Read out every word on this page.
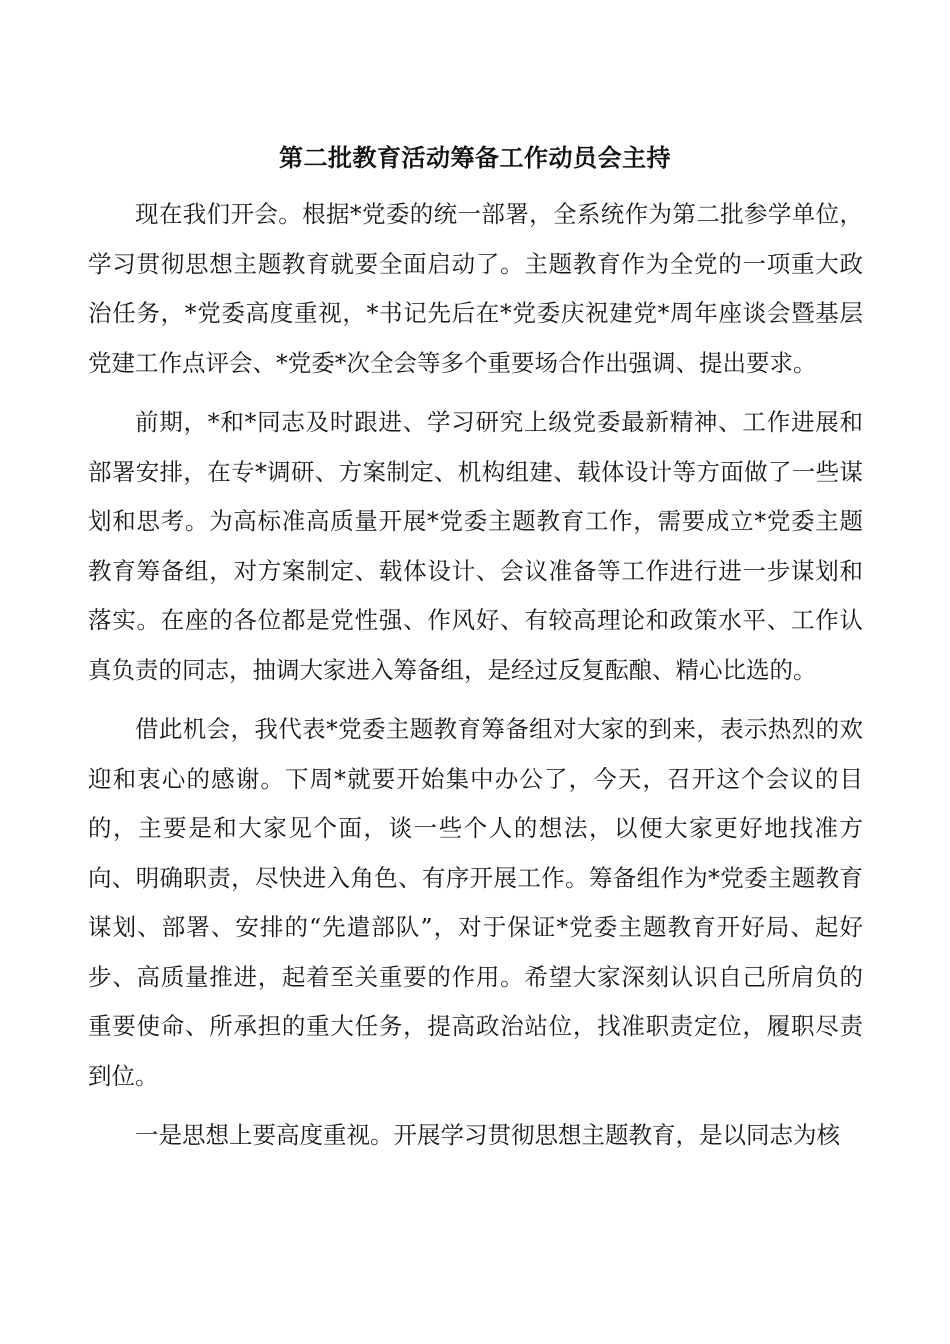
第二批教育活动筹备工作动员会主持

现在我们开会。根据*党委的统一部署，全系统作为第二批参学单位，学习贯彻思想主题教育就要全面启动了。主题教育作为全党的一项重大政治任务，*党委高度重视，*书记先后在*党委庆祝建党*周年座谈会暨基层党建工作点评会、*党委*次全会等多个重要场合作出强调、提出要求。

前期，*和*同志及时跟进、学习研究上级党委最新精神、工作进展和部署安排，在专*调研、方案制定、机构组建、载体设计等方面做了一些谋划和思考。为高标准高质量开展*党委主题教育工作，需要成立*党委主题教育筹备组，对方案制定、载体设计、会议准备等工作进行进一步谋划和落实。在座的各位都是党性强、作风好、有较高理论和政策水平、工作认真负责的同志，抽调大家进入筹备组，是经过反复酝酿、精心比选的。

借此机会，我代表*党委主题教育筹备组对大家的到来，表示热烈的欢迎和衷心的感谢。下周*就要开始集中办公了，今天，召开这个会议的目的，主要是和大家见个面，谈一些个人的想法，以便大家更好地找准方向、明确职责，尽快进入角色、有序开展工作。筹备组作为*党委主题教育谋划、部署、安排的“先遣部队”，对于保证*党委主题教育开好局、起好步、高质量推进，起着至关重要的作用。希望大家深刻认识自己所肩负的重要使命、所承担的重大任务，提高政治站位，找准职责定位，履职尽责到位。

一是思想上要高度重视。开展学习贯彻思想主题教育，是以同志为核
